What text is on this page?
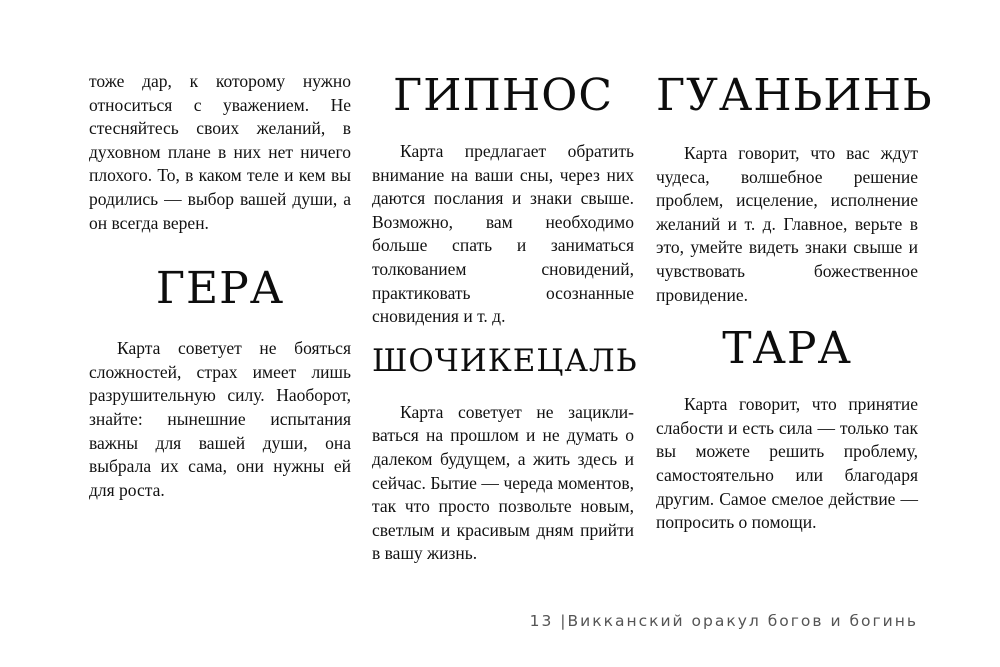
тоже дар, к которому нужно относиться с уважением. Не стесняйтесь своих желаний, в духовном плане в них нет ничего плохого. То, в каком теле и кем вы родились — выбор вашей души, а он всегда верен.

ГЕРА

Карта советует не бояться сложностей, страх имеет лишь разрушительную силу. Наоборот, знайте: нынешние испытания важны для вашей души, она выбрала их сама, они нужны ей для роста.

ГИПНОС

Карта предлагает обратить внимание на ваши сны, через них даются послания и знаки свыше. Возможно, вам необходимо больше спать и заниматься толкованием сновидений, практиковать осознанные сновидения и т. д.

ШОЧИКЕЦАЛЬ

Карта советует не зацикливаться на прошлом и не думать о далеком будущем, а жить здесь и сейчас. Бытие — череда моментов, так что просто позвольте новым, светлым и красивым дням прийти в вашу жизнь.

ГУАНЬИНЬ

Карта говорит, что вас ждут чудеса, волшебное решение проблем, исцеление, исполнение желаний и т. д. Главное, верьте в это, умейте видеть знаки свыше и чувствовать божественное провидение.

ТАРА

Карта говорит, что принятие слабости и есть сила — только так вы можете решить проблему, самостоятельно или благодаря другим. Самое смелое действие — попросить о помощи.

13 |Викканский оракул богов и богинь
